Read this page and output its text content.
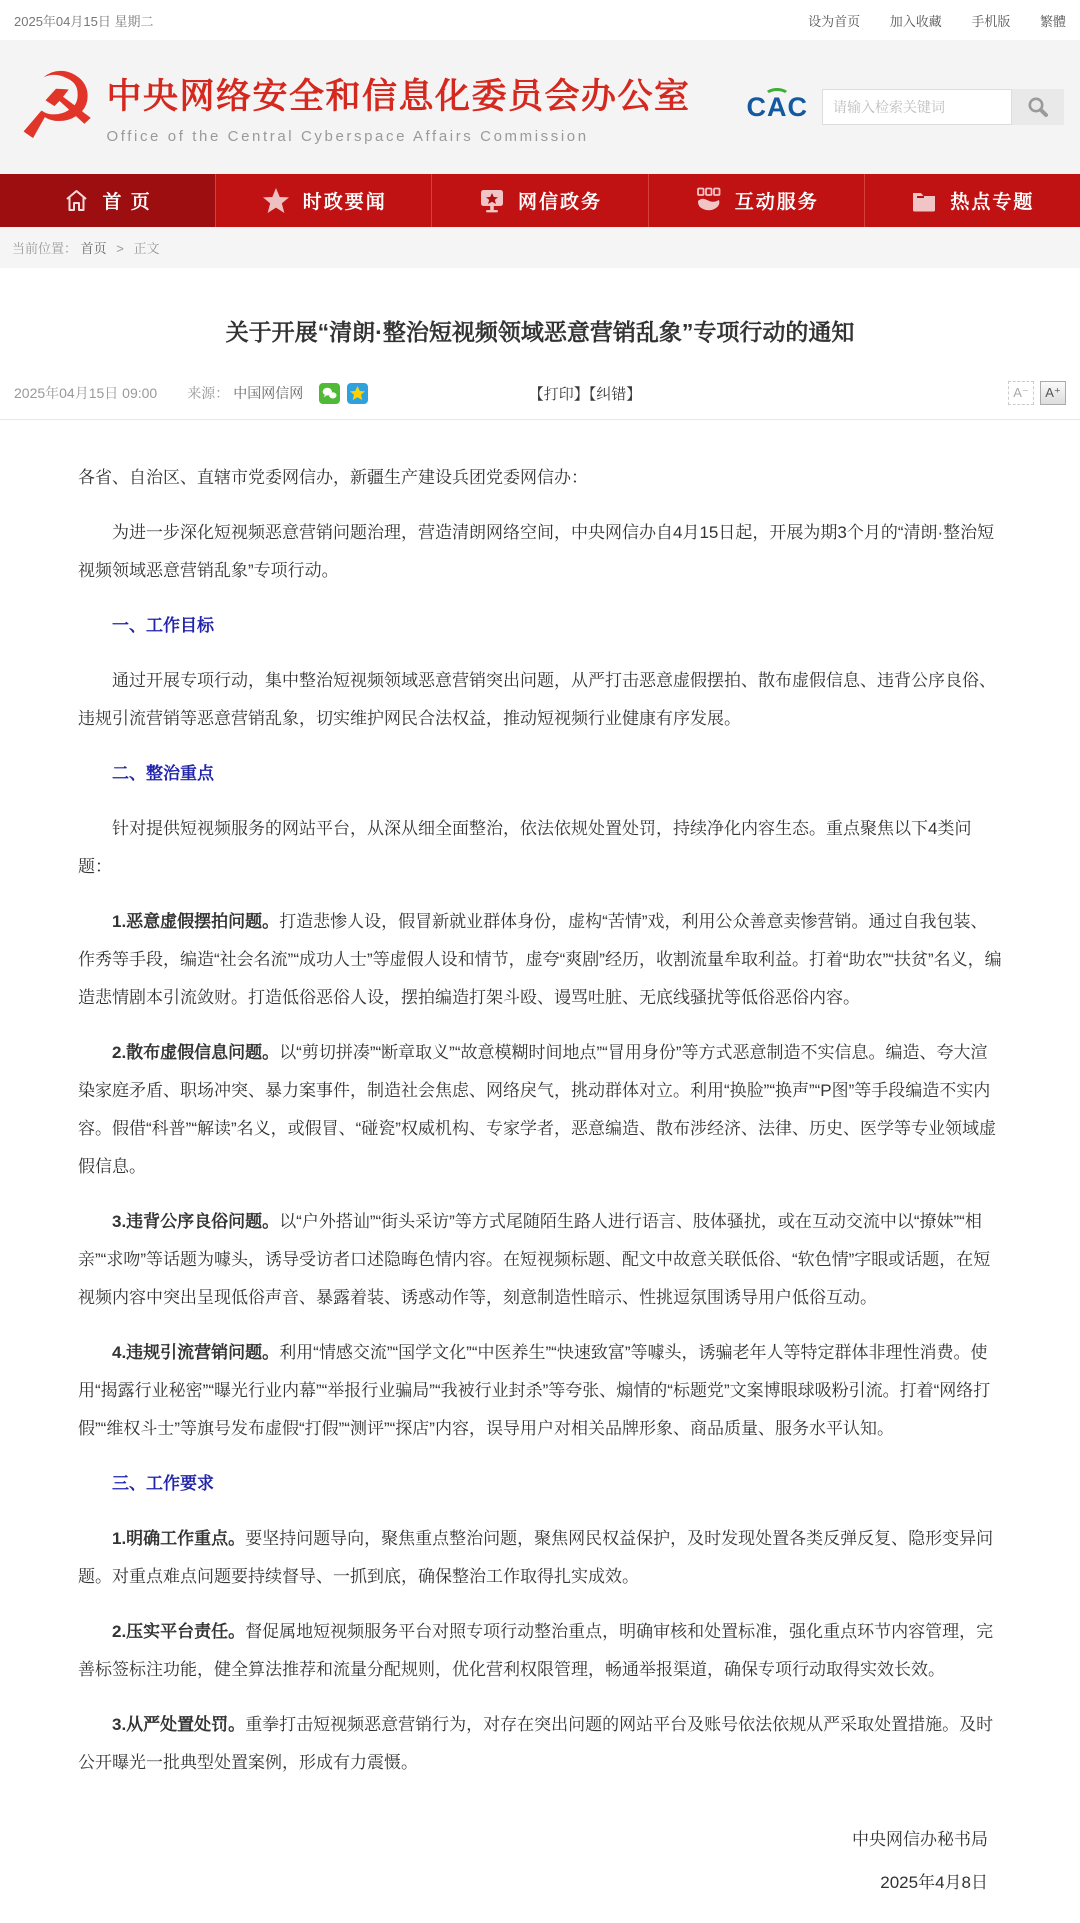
2025年04月15日 星期二	设为首页 加入收藏 手机版 繁體
☭ 中央网络安全和信息化委员会办公室
Office of the Central Cyberspace Affairs Commission
CAC
请输入检索关键词
首 页	时政要闻	网信政务	互动服务	热点专题
当前位置： 首页 > 正文
关于开展“清朗·整治短视频领域恶意营销乱象”专项行动的通知
2025年04月15日 09:00 来源： 中国网信网	【打印】【纠错】	A⁻	A⁺

各省、自治区、直辖市党委网信办，新疆生产建设兵团党委网信办：

为进一步深化短视频恶意营销问题治理，营造清朗网络空间，中央网信办自4月15日起，开展为期3个月的“清朗·整治短视频领域恶意营销乱象”专项行动。

一、工作目标

通过开展专项行动，集中整治短视频领域恶意营销突出问题，从严打击恶意虚假摆拍、散布虚假信息、违背公序良俗、违规引流营销等恶意营销乱象，切实维护网民合法权益，推动短视频行业健康有序发展。

二、整治重点

针对提供短视频服务的网站平台，从深从细全面整治，依法依规处置处罚，持续净化内容生态。重点聚焦以下4类问题：

1.恶意虚假摆拍问题。打造悲惨人设，假冒新就业群体身份，虚构“苦情”戏，利用公众善意卖惨营销。通过自我包装、作秀等手段，编造“社会名流”“成功人士”等虚假人设和情节，虚夸“爽剧”经历，收割流量牟取利益。打着“助农”“扶贫”名义，编造悲情剧本引流敛财。打造低俗恶俗人设，摆拍编造打架斗殴、谩骂吐脏、无底线骚扰等低俗恶俗内容。

2.散布虚假信息问题。以“剪切拼凑”“断章取义”“故意模糊时间地点”“冒用身份”等方式恶意制造不实信息。编造、夸大渲染家庭矛盾、职场冲突、暴力案事件，制造社会焦虑、网络戾气，挑动群体对立。利用“换脸”“换声”“P图”等手段编造不实内容。假借“科普”“解读”名义，或假冒、“碰瓷”权威机构、专家学者，恶意编造、散布涉经济、法律、历史、医学等专业领域虚假信息。

3.违背公序良俗问题。以“户外搭讪”“街头采访”等方式尾随陌生路人进行语言、肢体骚扰，或在互动交流中以“撩妹”“相亲”“求吻”等话题为噱头，诱导受访者口述隐晦色情内容。在短视频标题、配文中故意关联低俗、“软色情”字眼或话题，在短视频内容中突出呈现低俗声音、暴露着装、诱惑动作等，刻意制造性暗示、性挑逗氛围诱导用户低俗互动。

4.违规引流营销问题。利用“情感交流”“国学文化”“中医养生”“快速致富”等噱头，诱骗老年人等特定群体非理性消费。使用“揭露行业秘密”“曝光行业内幕”“举报行业骗局”“我被行业封杀”等夸张、煽情的“标题党”文案博眼球吸粉引流。打着“网络打假”“维权斗士”等旗号发布虚假“打假”“测评”“探店”内容，误导用户对相关品牌形象、商品质量、服务水平认知。

三、工作要求

1.明确工作重点。要坚持问题导向，聚焦重点整治问题，聚焦网民权益保护，及时发现处置各类反弹反复、隐形变异问题。对重点难点问题要持续督导、一抓到底，确保整治工作取得扎实成效。

2.压实平台责任。督促属地短视频服务平台对照专项行动整治重点，明确审核和处置标准，强化重点环节内容管理，完善标签标注功能，健全算法推荐和流量分配规则，优化营利权限管理，畅通举报渠道，确保专项行动取得实效长效。

3.从严处置处罚。重拳打击短视频恶意营销行为，对存在突出问题的网站平台及账号依法依规从严采取处置措施。及时公开曝光一批典型处置案例，形成有力震慑。

中央网信办秘书局
2025年4月8日
